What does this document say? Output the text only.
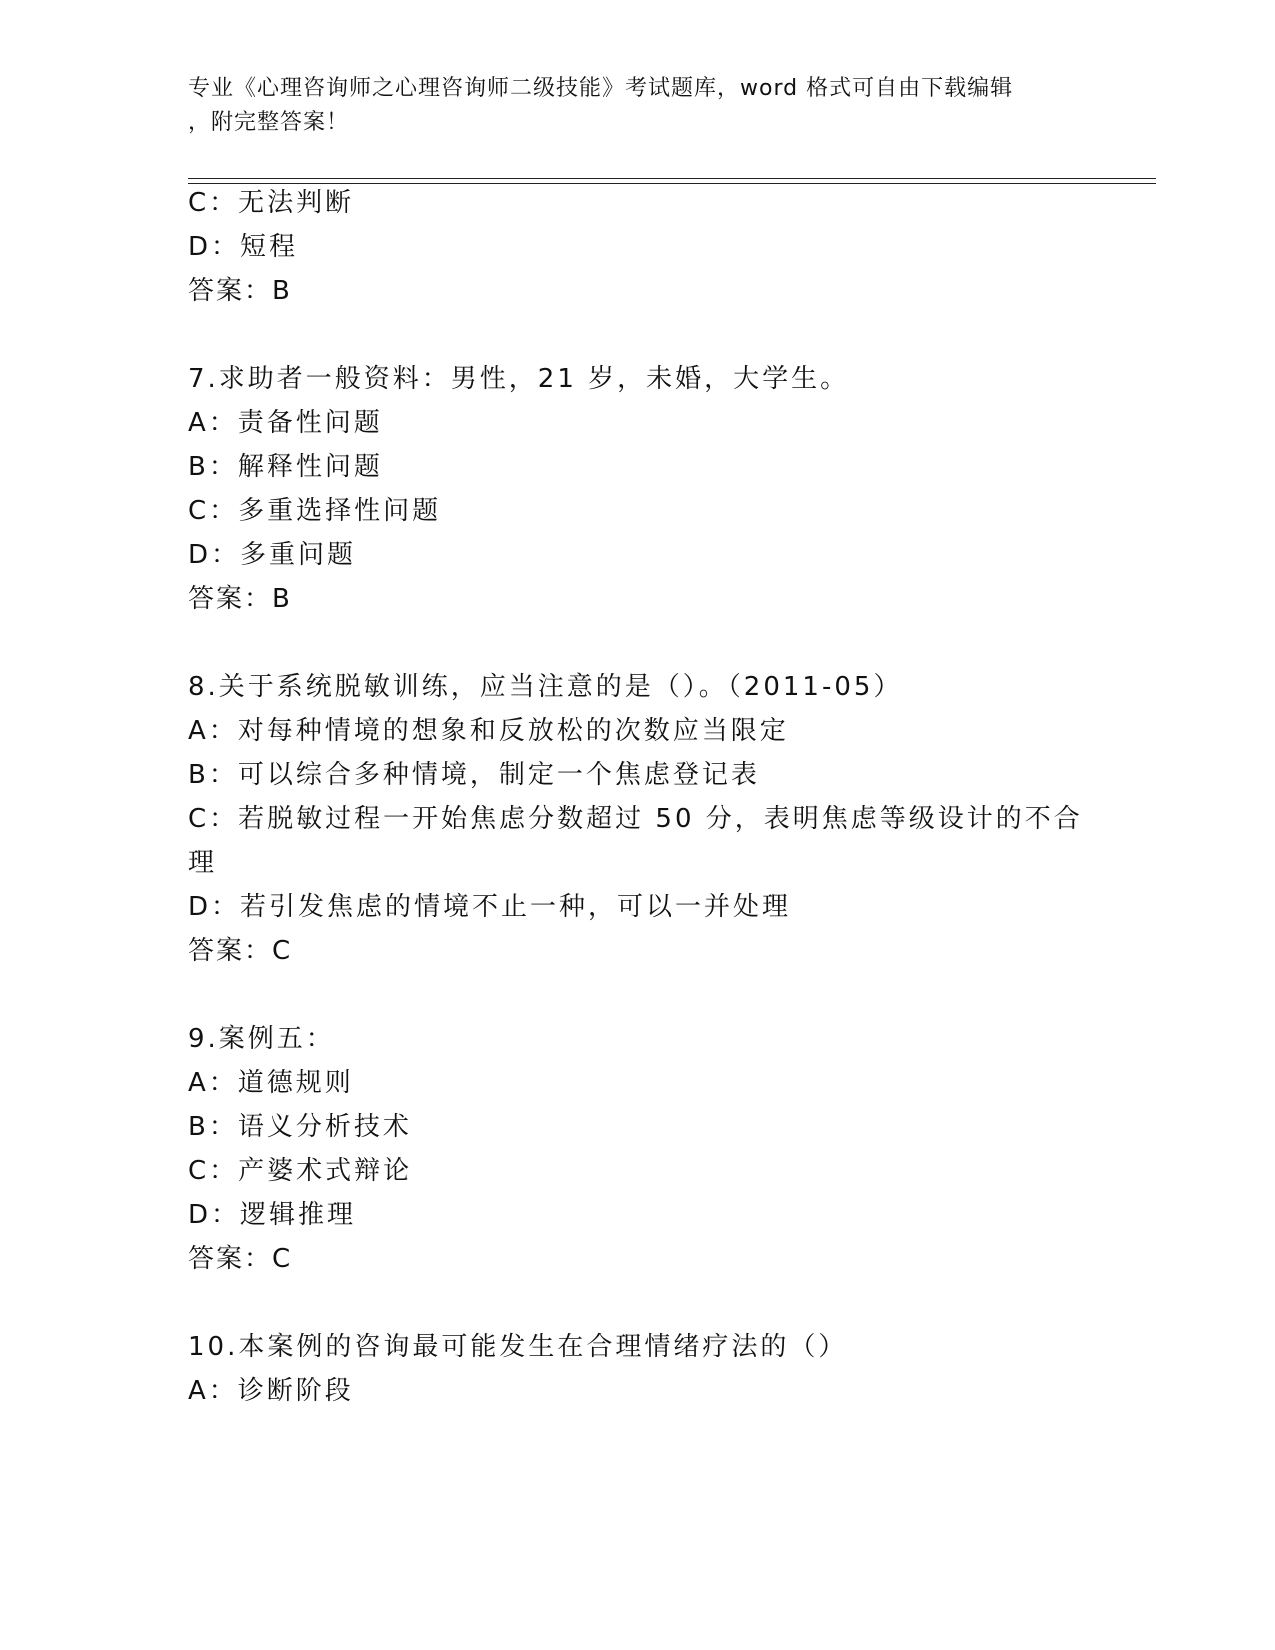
专业《心理咨询师之心理咨询师二级技能》考试题库，word 格式可自由下载编辑
，附完整答案！
C：无法判断
D：短程
答案：B
7.求助者一般资料：男性，21 岁，未婚，大学生。
A：责备性问题
B：解释性问题
C：多重选择性问题
D：多重问题
答案：B
8.关于系统脱敏训练，应当注意的是（）。（2011-05）
A：对每种情境的想象和反放松的次数应当限定
B：可以综合多种情境，制定一个焦虑登记表
C：若脱敏过程一开始焦虑分数超过 50 分，表明焦虑等级设计的不合
理
D：若引发焦虑的情境不止一种，可以一并处理
答案：C
9.案例五：
A：道德规则
B：语义分析技术
C：产婆术式辩论
D：逻辑推理
答案：C
10.本案例的咨询最可能发生在合理情绪疗法的（）
A：诊断阶段
